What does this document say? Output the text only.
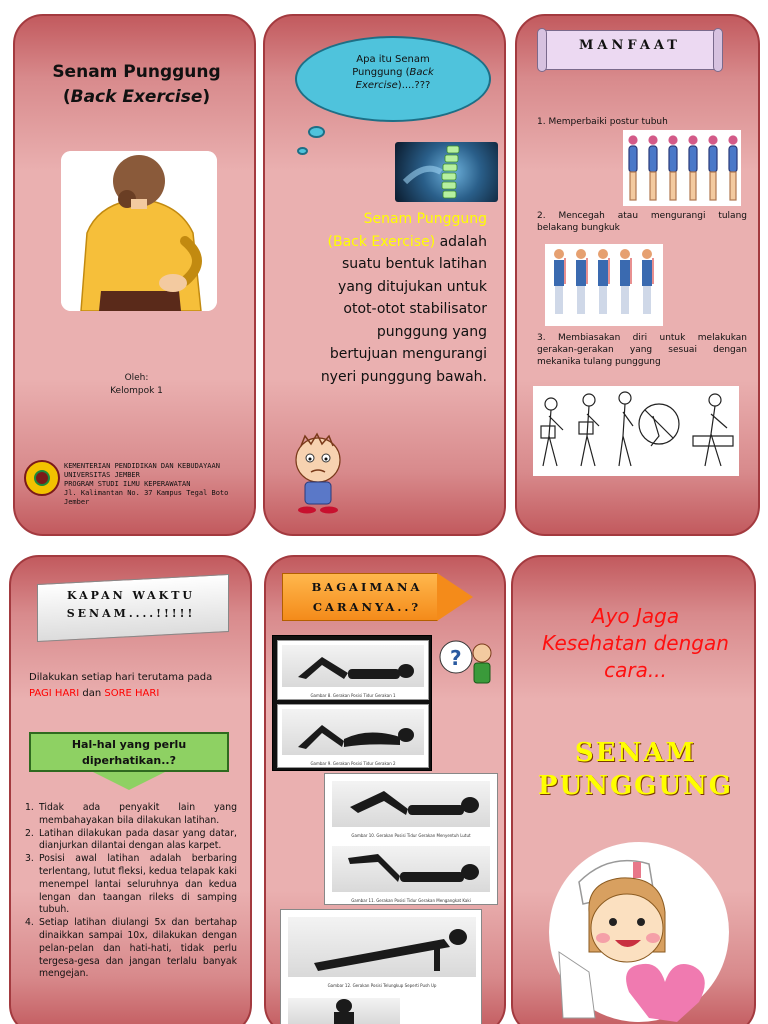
Senam Punggung
(Back Exercise)
Oleh:
Kelompok 1
KEMENTERIAN PENDIDIKAN DAN KEBUDAYAAN
UNIVERSITAS JEMBER
PROGRAM STUDI ILMU KEPERAWATAN
Jl. Kalimantan No. 37 Kampus Tegal Boto Jember
Apa itu Senam
Punggung (Back
Exercise)....???
Senam Punggung
(Back Exercise) adalah
suatu bentuk latihan
yang ditujukan untuk
otot-otot stabilisator
punggung yang
bertujuan mengurangi
nyeri punggung bawah.
MANFAAT
1. Memperbaiki postur tubuh
2. Mencegah atau mengurangi tulang belakang bungkuk
3. Membiasakan diri untuk melakukan gerakan-gerakan yang sesuai dengan mekanika tulang punggung
KAPAN WAKTU
SENAM....!!!!!
Dilakukan setiap hari terutama pada
PAGI HARI dan SORE HARI
Hal-hal yang perlu
diperhatikan..?
1. Tidak ada penyakit lain yang membahayakan bila dilakukan latihan.
2. Latihan dilakukan pada dasar yang datar, dianjurkan dilantai dengan alas karpet.
3. Posisi awal latihan adalah berbaring terlentang, lutut fleksi, kedua telapak kaki menempel lantai seluruhnya dan kedua lengan dan taangan rileks di samping tubuh.
4. Setiap latihan diulangi 5x dan bertahap dinaikkan sampai 10x, dilakukan dengan pelan-pelan dan hati-hati, tidak perlu tergesa-gesa dan jangan terlalu banyak mengejan.
BAGAIMANA
CARANYA..?
?
Gambar 8. Gerakan Posisi Tidur Gerakan 1
Gambar 9. Gerakan Posisi Tidur Gerakan 2
Gambar 10. Gerakan Posisi Tidur Gerakan Menyentuh Lutut
Gambar 11. Gerakan Posisi Tidur Gerakan Mengangkat Kaki
Gambar 12. Gerakan Posisi Telungkup Seperti Push Up
Ayo Jaga
Kesehatan dengan
cara...
SENAM
PUNGGUNG
